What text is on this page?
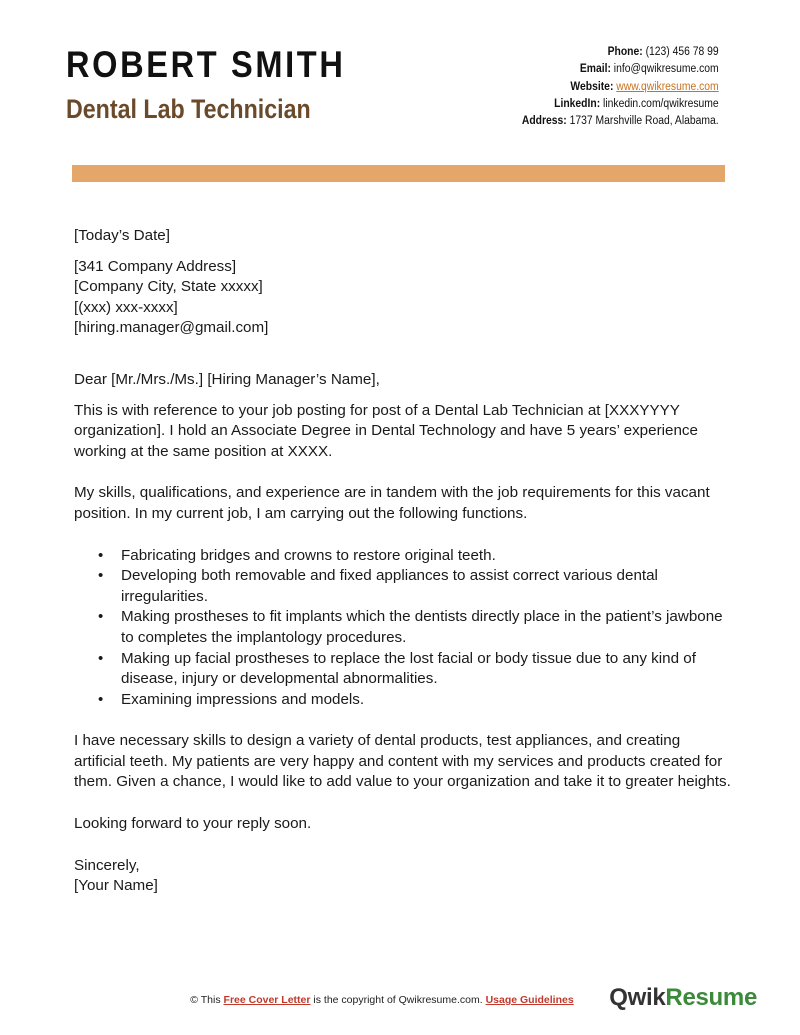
ROBERT SMITH
Dental Lab Technician
Phone: (123) 456 78 99
Email: info@qwikresume.com
Website: www.qwikresume.com
LinkedIn: linkedin.com/qwikresume
Address: 1737 Marshville Road, Alabama.

[Today’s Date]

[341 Company Address]

[Company City, State xxxxx]

[(xxx) xxx-xxxx]

[hiring.manager@gmail.com]

Dear [Mr./Mrs./Ms.] [Hiring Manager’s Name],

This is with reference to your job posting for post of a Dental Lab Technician at [XXXYYYY organization]. I hold an Associate Degree in Dental Technology and have 5 years’ experience working at the same position at XXXX.

My skills, qualifications, and experience are in tandem with the job requirements for this vacant position. In my current job, I am carrying out the following functions.

• Fabricating bridges and crowns to restore original teeth.
• Developing both removable and fixed appliances to assist correct various dental irregularities.
• Making prostheses to fit implants which the dentists directly place in the patient’s jawbone to completes the implantology procedures.
• Making up facial prostheses to replace the lost facial or body tissue due to any kind of disease, injury or developmental abnormalities.
• Examining impressions and models.

I have necessary skills to design a variety of dental products, test appliances, and creating artificial teeth. My patients are very happy and content with my services and products created for them. Given a chance, I would like to add value to your organization and take it to greater heights.

Looking forward to your reply soon.

Sincerely,

[Your Name]

© This Free Cover Letter is the copyright of Qwikresume.com. Usage Guidelines	QwikResume
